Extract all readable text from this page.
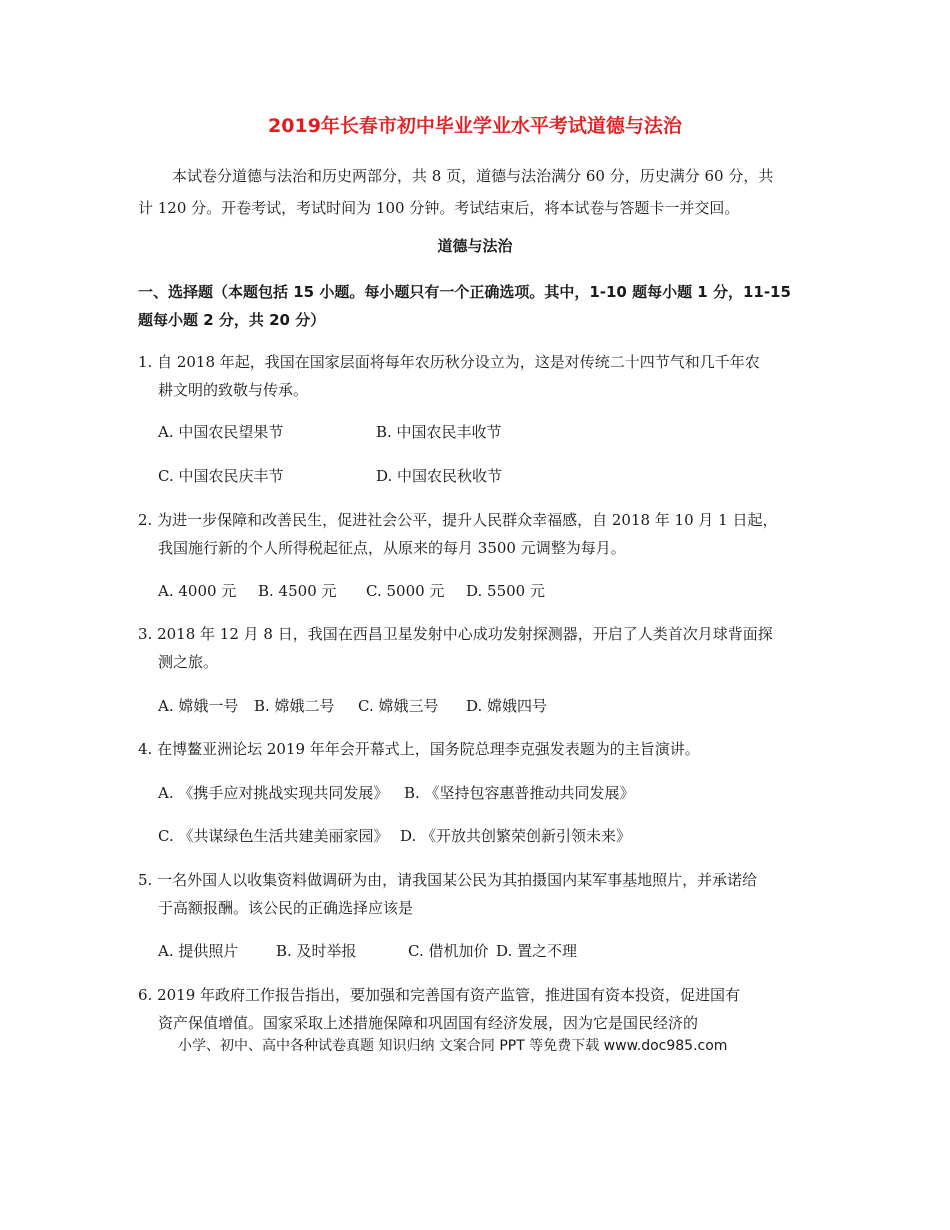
2019年长春市初中毕业学业水平考试道德与法治
本试卷分道德与法治和历史两部分，共 8 页，道德与法治满分 60 分，历史满分 60 分，共
计 120 分。开卷考试，考试时间为 100 分钟。考试结束后，将本试卷与答题卡一并交回。
道德与法治
一、选择题（本题包括 15 小题。每小题只有一个正确选项。其中，1-10 题每小题 1 分，11-15
题每小题 2 分，共 20 分）
1. 自 2018 年起，我国在国家层面将每年农历秋分设立为，这是对传统二十四节气和几千年农
耕文明的致敬与传承。
A. 中国农民望果节	B. 中国农民丰收节
C. 中国农民庆丰节	D. 中国农民秋收节
2. 为进一步保障和改善民生，促进社会公平，提升人民群众幸福感，自 2018 年 10 月 1 日起，
我国施行新的个人所得税起征点，从原来的每月 3500 元调整为每月。
A. 4000 元 B. 4500 元 C. 5000 元 D. 5500 元
3. 2018 年 12 月 8 日，我国在西昌卫星发射中心成功发射探测器，开启了人类首次月球背面探
测之旅。
A. 嫦娥一号 B. 嫦娥二号 C. 嫦娥三号 D. 嫦娥四号
4. 在博鳌亚洲论坛 2019 年年会开幕式上，国务院总理李克强发表题为的主旨演讲。
A. 《携手应对挑战实现共同发展》 B. 《坚持包容惠普推动共同发展》
C. 《共谋绿色生活共建美丽家园》 D. 《开放共创繁荣创新引领未来》
5. 一名外国人以收集资料做调研为由，请我国某公民为其拍摄国内某军事基地照片，并承诺给
于高额报酬。该公民的正确选择应该是
A. 提供照片	B. 及时举报	C. 借机加价 D. 置之不理
6. 2019 年政府工作报告指出，要加强和完善国有资产监管，推进国有资本投资，促进国有
资产保值增值。国家采取上述措施保障和巩固国有经济发展，因为它是国民经济的
小学、初中、高中各种试卷真题 知识归纳 文案合同 PPT 等免费下载 www.doc985.com
